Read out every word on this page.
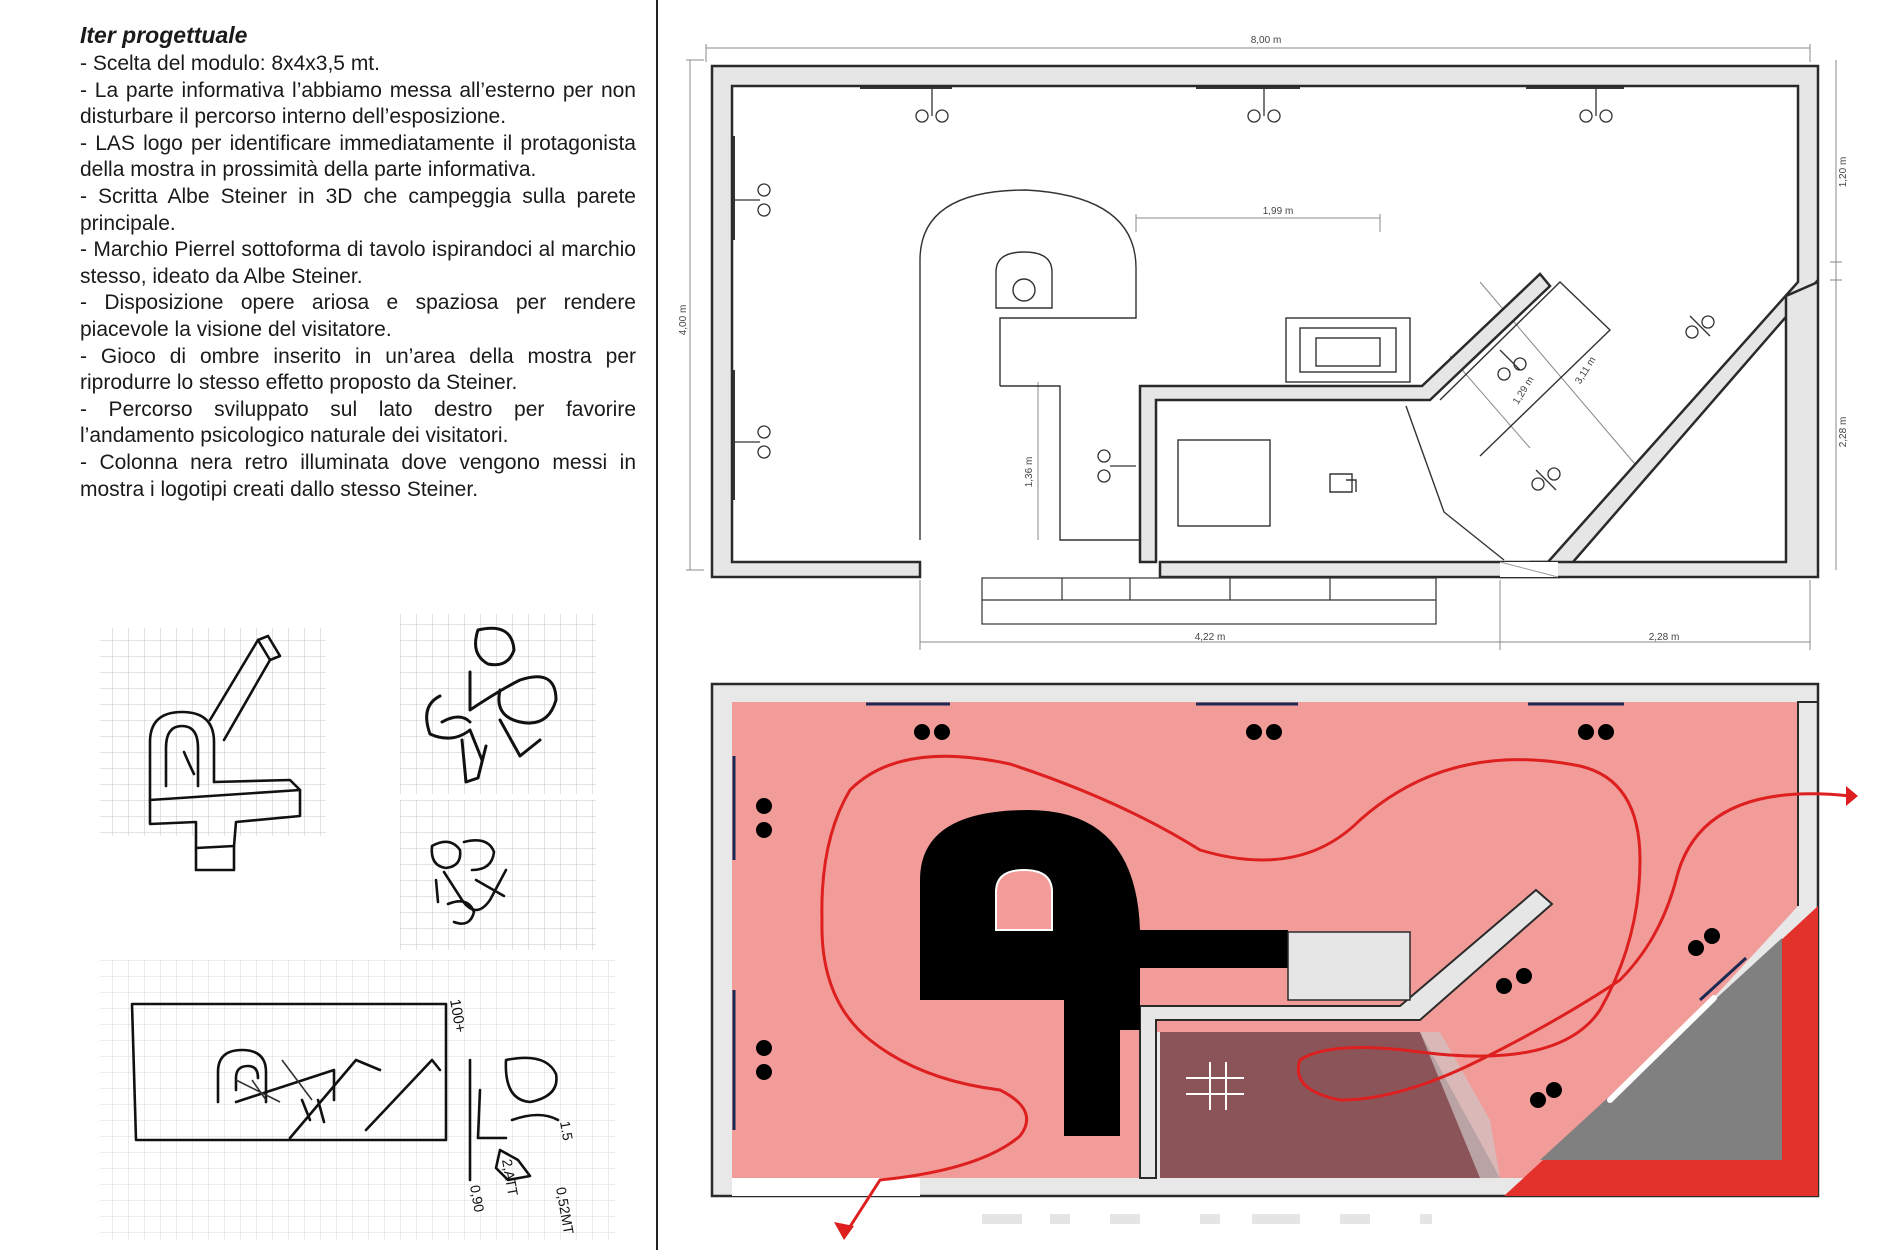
Iter progettuale

- Scelta del modulo: 8x4x3,5 mt.

- La parte informativa l’abbiamo messa all’esterno per non disturbare il percorso interno dell’esposizione.

- LAS logo per identificare immediatamente il protagonista della mostra in prossimità della parte informativa.

- Scritta Albe Steiner in 3D che campeggia sulla parete principale.

- Marchio Pierrel sottoforma di tavolo ispirandoci al marchio stesso, ideato da Albe Steiner.

- Disposizione opere ariosa e spaziosa per rendere piacevole la visione del visitatore.

- Gioco di ombre inserito in un’area della mostra per riprodurre lo stesso effetto proposto da Steiner.

- Percorso sviluppato sul lato destro per favorire l’andamento psicologico naturale dei visitatori.

- Colonna nera retro illuminata dove vengono messi in mostra i logotipi creati dallo stesso Steiner.

100+
1.5
2,ATT
0,90	0,52MT
8,00 m
4,00 m
1,20 m
2,28 m
1,99 m
3,11 m
1,29 m
1,36 m
4,22 m	2,28 m
